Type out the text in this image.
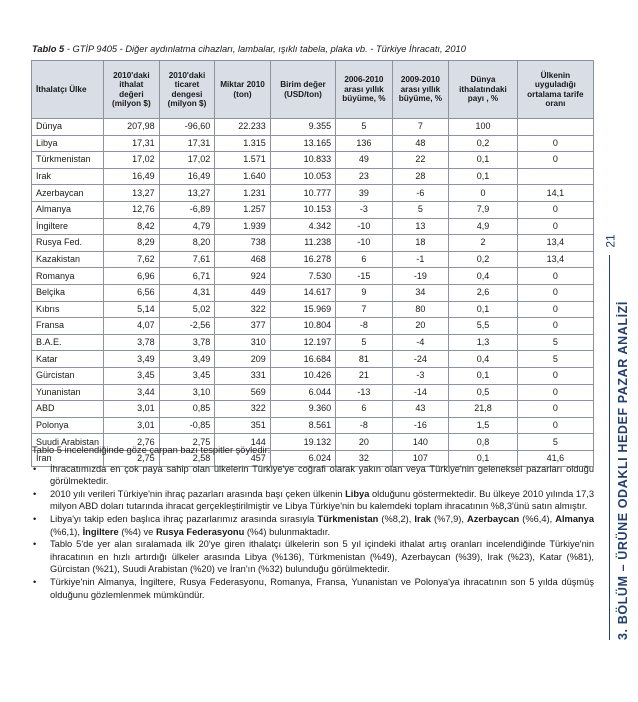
Tablo 5 - GTİP 9405 - Diğer aydınlatma cihazları, lambalar, ışıklı tabela, plaka vb. - Türkiye İhracatı, 2010
İthalatçı Ülke	2010'daki ithalat değeri (milyon $)	2010'daki ticaret dengesi (milyon $)	Miktar 2010 (ton)	Birim değer (USD/ton)	2006-2010 arası yıllık büyüme, %	2009-2010 arası yıllık büyüme, %	Dünya ithalatındaki payı , %	Ülkenin uyguladığı ortalama tarife oranı
Dünya	207,98	-96,60	22.233	9.355	5	7	100	
Libya	17,31	17,31	1.315	13.165	136	48	0,2	0
Türkmenistan	17,02	17,02	1.571	10.833	49	22	0,1	0
Irak	16,49	16,49	1.640	10.053	23	28	0,1	
Azerbaycan	13,27	13,27	1.231	10.777	39	-6	0	14,1
Almanya	12,76	-6,89	1.257	10.153	-3	5	7,9	0
İngiltere	8,42	4,79	1.939	4.342	-10	13	4,9	0
Rusya Fed.	8,29	8,20	738	11.238	-10	18	2	13,4
Kazakistan	7,62	7,61	468	16.278	6	-1	0,2	13,4
Romanya	6,96	6,71	924	7.530	-15	-19	0,4	0
Belçika	6,56	4,31	449	14.617	9	34	2,6	0
Kıbrıs	5,14	5,02	322	15.969	7	80	0,1	0
Fransa	4,07	-2,56	377	10.804	-8	20	5,5	0
B.A.E.	3,78	3,78	310	12.197	5	-4	1,3	5
Katar	3,49	3,49	209	16.684	81	-24	0,4	5
Gürcistan	3,45	3,45	331	10.426	21	-3	0,1	0
Yunanistan	3,44	3,10	569	6.044	-13	-14	0,5	0
ABD	3,01	0,85	322	9.360	6	43	21,8	0
Polonya	3,01	-0,85	351	8.561	-8	-16	1,5	0
Suudi Arabistan	2,76	2,75	144	19.132	20	140	0,8	5
İran	2,75	2,58	457	6.024	32	107	0,1	41,6

Tablo 5 incelendiğinde göze çarpan bazı tespitler şöyledir:

• İhracatımızda en çok paya sahip olan ülkelerin Türkiye'ye coğrafi olarak yakın olan veya Türkiye'nin geleneksel pazarları olduğu görülmektedir.
• 2010 yılı verileri Türkiye'nin ihraç pazarları arasında başı çeken ülkenin Libya olduğunu göstermektedir. Bu ülkeye 2010 yılında 17,3 milyon ABD doları tutarında ihracat gerçekleştirilmiştir ve Libya Türkiye'nin bu kalemdeki toplam ihracatının %8,3'ünü satın almıştır.
• Libya'yı takip eden başlıca ihraç pazarlarımız arasında sırasıyla Türkmenistan (%8,2), Irak (%7,9), Azerbaycan (%6,4), Almanya (%6,1), İngiltere (%4) ve Rusya Federasyonu (%4) bulunmaktadır.
• Tablo 5'de yer alan sıralamada ilk 20'ye giren ithalatçı ülkelerin son 5 yıl içindeki ithalat artış oranları incelendiğinde Türkiye'nin ihracatının en hızlı artırdığı ülkeler arasında Libya (%136), Türkmenistan (%49), Azerbaycan (%39), Irak (%23), Katar (%81), Gürcistan (%21), Suudi Arabistan (%20) ve İran'ın (%32) bulunduğu görülmektedir.
• Türkiye'nin Almanya, İngiltere, Rusya Federasyonu, Romanya, Fransa, Yunanistan ve Polonya'ya ihracatının son 5 yılda düşmüş olduğunu gözlemlenmek mümkündür.
21
3. BÖLÜM – ÜRÜNE ODAKLI HEDEF PAZAR ANALİZİ
